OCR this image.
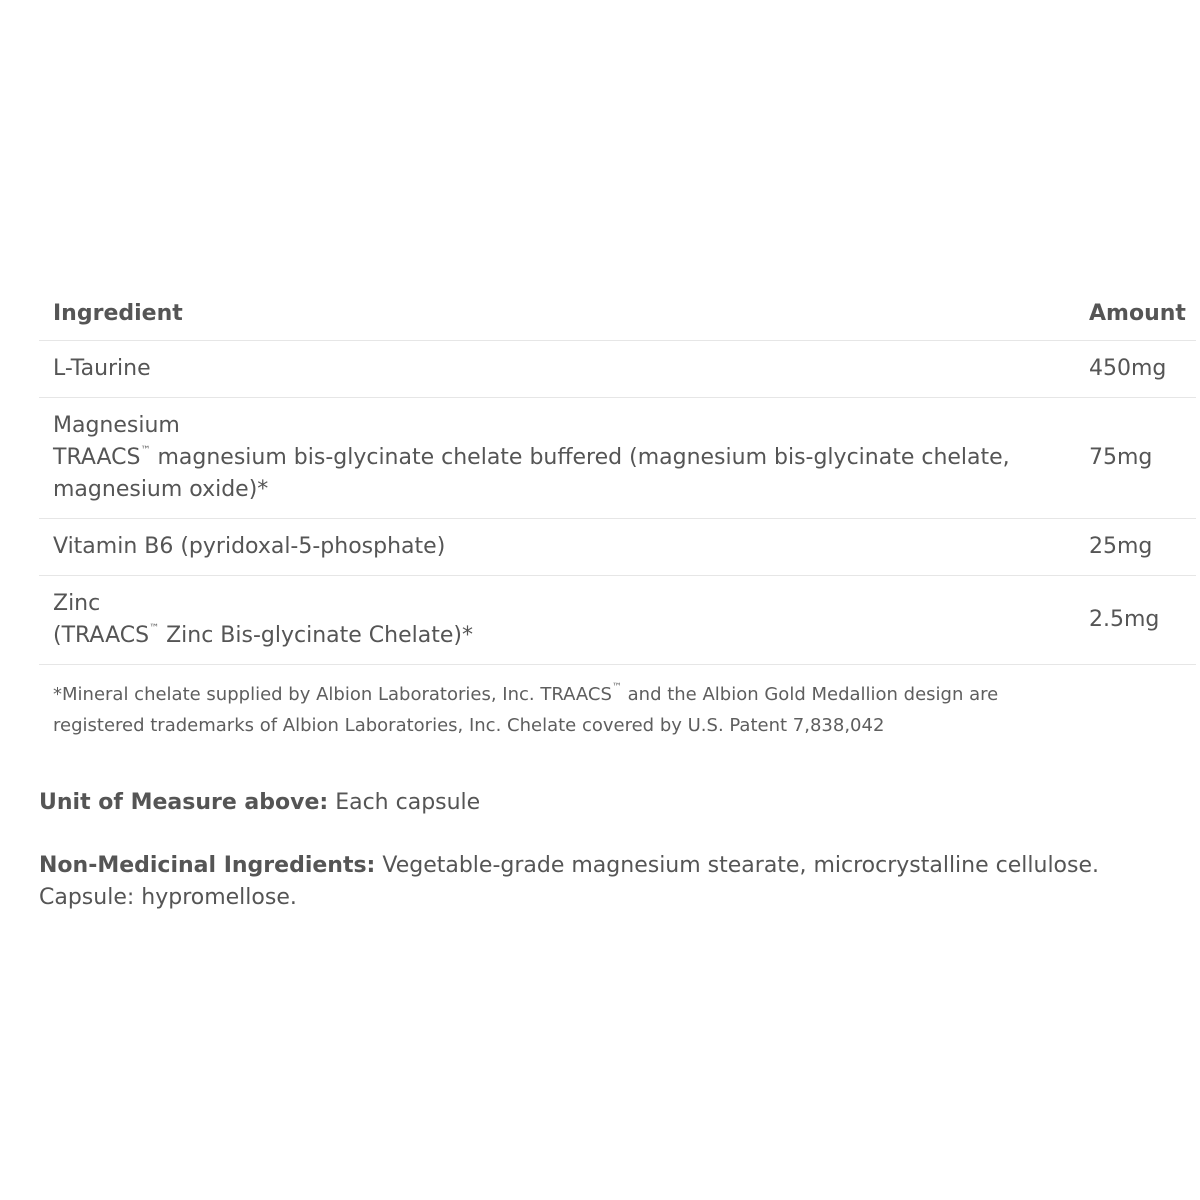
Ingredient	Amount
L-Taurine	450mg
Magnesium
TRAACS™ magnesium bis-glycinate chelate buffered (magnesium bis-glycinate chelate, magnesium oxide)*	75mg
Vitamin B6 (pyridoxal-5-phosphate)	25mg
Zinc
(TRAACS™ Zinc Bis-glycinate Chelate)*	2.5mg
*Mineral chelate supplied by Albion Laboratories, Inc. TRAACS™ and the Albion Gold Medallion design are registered trademarks of Albion Laboratories, Inc. Chelate covered by U.S. Patent 7,838,042
Unit of Measure above: Each capsule
Non-Medicinal Ingredients: Vegetable-grade magnesium stearate, microcrystalline cellulose. Capsule: hypromellose.
